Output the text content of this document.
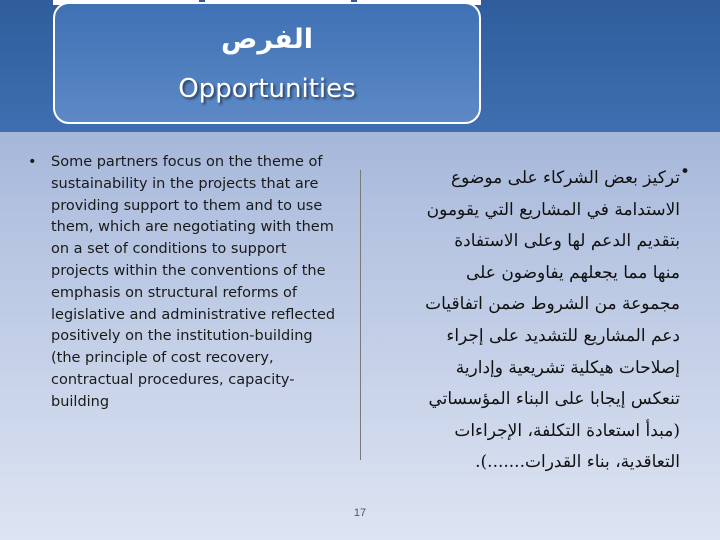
الفرص
Opportunities
• Some partners focus on the theme of sustainability in the projects that are providing support to them and to use them, which are negotiating with them on a set of conditions to support projects within the conventions of the emphasis on structural reforms of legislative and administrative reflected positively on the institution-building (the principle of cost recovery, contractual procedures, capacity-building
تركيز بعض الشركاء على موضوع
الاستدامة في المشاريع التي يقومون
بتقديم الدعم لها وعلى الاستفادة
منها مما يجعلهم يفاوضون على
مجموعة من الشروط ضمن اتفاقيات
دعم المشاريع للتشديد على إجراء
إصلاحات هيكلية تشريعية وإدارية
تنعكس إيجابا على البناء المؤسساتي
(مبدأ استعادة التكلفة، الإجراءات
التعاقدية، بناء القدرات.......).
•
17
